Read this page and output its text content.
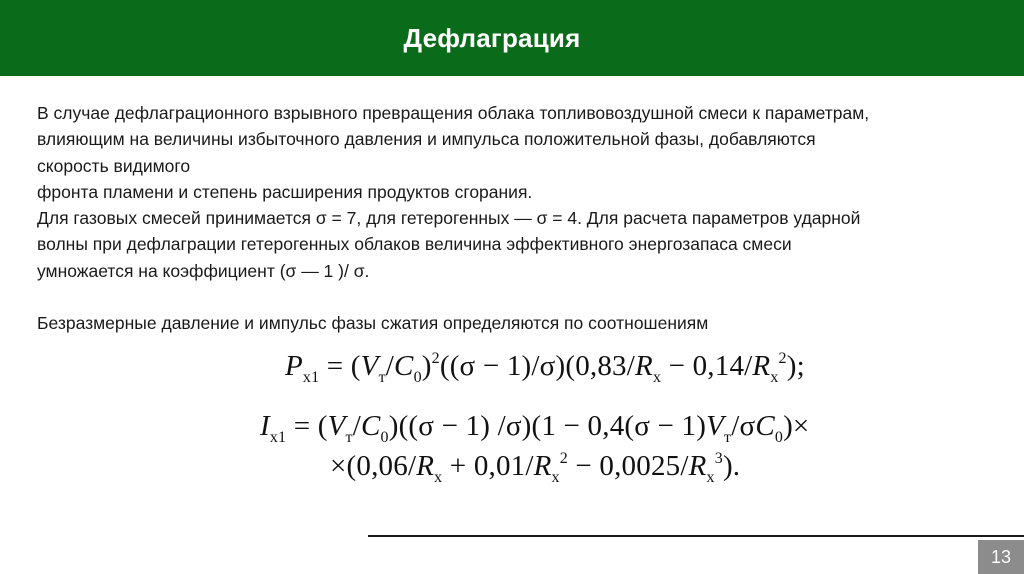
Дефлаграция
В случае дефлаграционного взрывного превращения облака топливовоздушной смеси к параметрам,
влияющим на величины избыточного давления и импульса положительной фазы, добавляются
скорость видимого
фронта пламени и степень расширения продуктов сгорания.
Для газовых смесей принимается σ = 7, для гетерогенных — σ = 4. Для расчета параметров ударной
волны при дефлаграции гетерогенных облаков величина эффективного энергозапаса смеси
умножается на коэффициент (σ — 1 )/ σ.
Безразмерные давление и импульс фазы сжатия определяются по соотношениям
$P_{x1} = (V_т/C_0)^2((\sigma - 1)/\sigma)(0,83/R_x - 0,14/R_x^2)$;
$I_{x1} = (V_т/C_0)((\sigma - 1) /\sigma)(1 - 0,4(\sigma - 1)V_т/\sigma C_0)\times$
$\times(0,06/R_x + 0,01/R_x^2 - 0,0025/R_x^3)$.
13
